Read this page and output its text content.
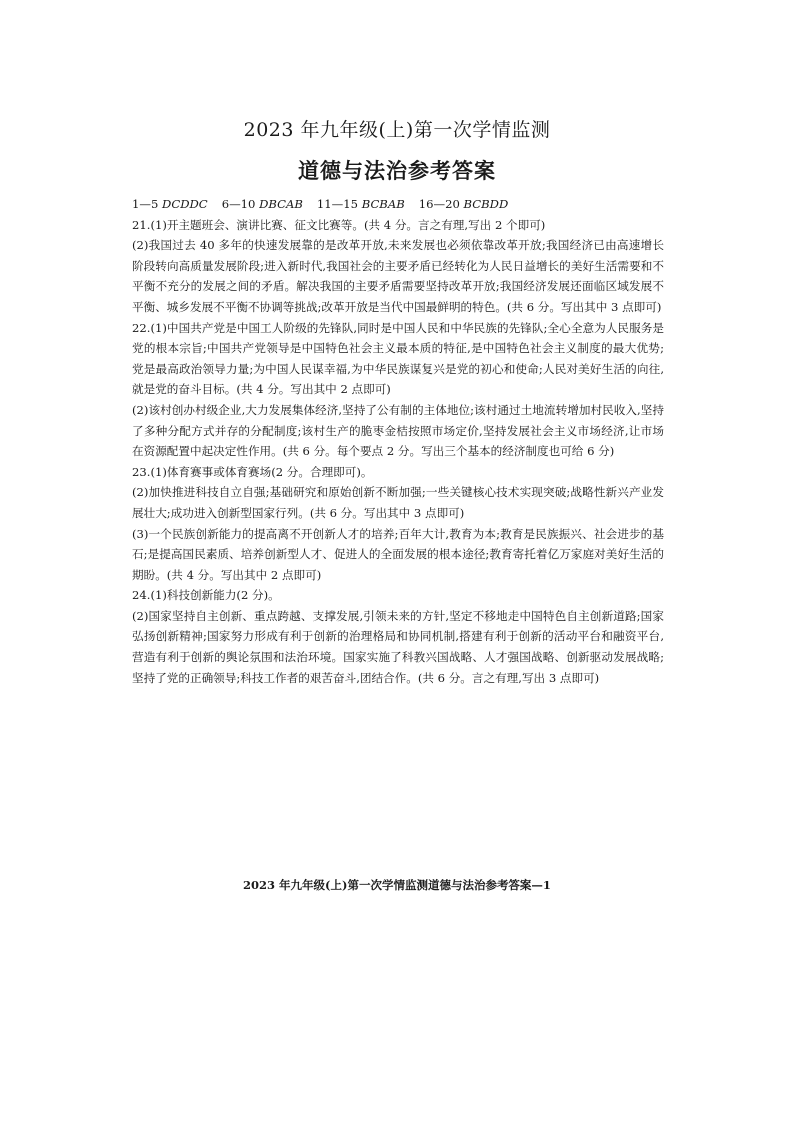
2023 年九年级(上)第一次学情监测
道德与法治参考答案

1—5 DCDDC 6—10 DBCAB 11—15 BCBAB 16—20 BCBDD

21.(1)开主题班会、演讲比赛、征文比赛等。(共 4 分。言之有理,写出 2 个即可)

(2)我国过去 40 多年的快速发展靠的是改革开放,未来发展也必须依靠改革开放;我国经济已由高速增长阶段转向高质量发展阶段;进入新时代,我国社会的主要矛盾已经转化为人民日益增长的美好生活需要和不平衡不充分的发展之间的矛盾。解决我国的主要矛盾需要坚持改革开放;我国经济发展还面临区域发展不平衡、城乡发展不平衡不协调等挑战;改革开放是当代中国最鲜明的特色。(共 6 分。写出其中 3 点即可)

22.(1)中国共产党是中国工人阶级的先锋队,同时是中国人民和中华民族的先锋队;全心全意为人民服务是党的根本宗旨;中国共产党领导是中国特色社会主义最本质的特征,是中国特色社会主义制度的最大优势;党是最高政治领导力量;为中国人民谋幸福,为中华民族谋复兴是党的初心和使命;人民对美好生活的向往,就是党的奋斗目标。(共 4 分。写出其中 2 点即可)

(2)该村创办村级企业,大力发展集体经济,坚持了公有制的主体地位;该村通过土地流转增加村民收入,坚持了多种分配方式并存的分配制度;该村生产的脆枣金桔按照市场定价,坚持发展社会主义市场经济,让市场在资源配置中起决定性作用。(共 6 分。每个要点 2 分。写出三个基本的经济制度也可给 6 分)

23.(1)体育赛事或体育赛场(2 分。合理即可)。

(2)加快推进科技自立自强;基础研究和原始创新不断加强;一些关键核心技术实现突破;战略性新兴产业发展壮大;成功进入创新型国家行列。(共 6 分。写出其中 3 点即可)

(3)一个民族创新能力的提高离不开创新人才的培养;百年大计,教育为本;教育是民族振兴、社会进步的基石;是提高国民素质、培养创新型人才、促进人的全面发展的根本途径;教育寄托着亿万家庭对美好生活的期盼。(共 4 分。写出其中 2 点即可)

24.(1)科技创新能力(2 分)。

(2)国家坚持自主创新、重点跨越、支撑发展,引领未来的方针,坚定不移地走中国特色自主创新道路;国家弘扬创新精神;国家努力形成有利于创新的治理格局和协同机制,搭建有利于创新的活动平台和融资平台,营造有利于创新的舆论氛围和法治环境。国家实施了科教兴国战略、人才强国战略、创新驱动发展战略;坚持了党的正确领导;科技工作者的艰苦奋斗,团结合作。(共 6 分。言之有理,写出 3 点即可)

2023 年九年级(上)第一次学情监测道德与法治参考答案—1
